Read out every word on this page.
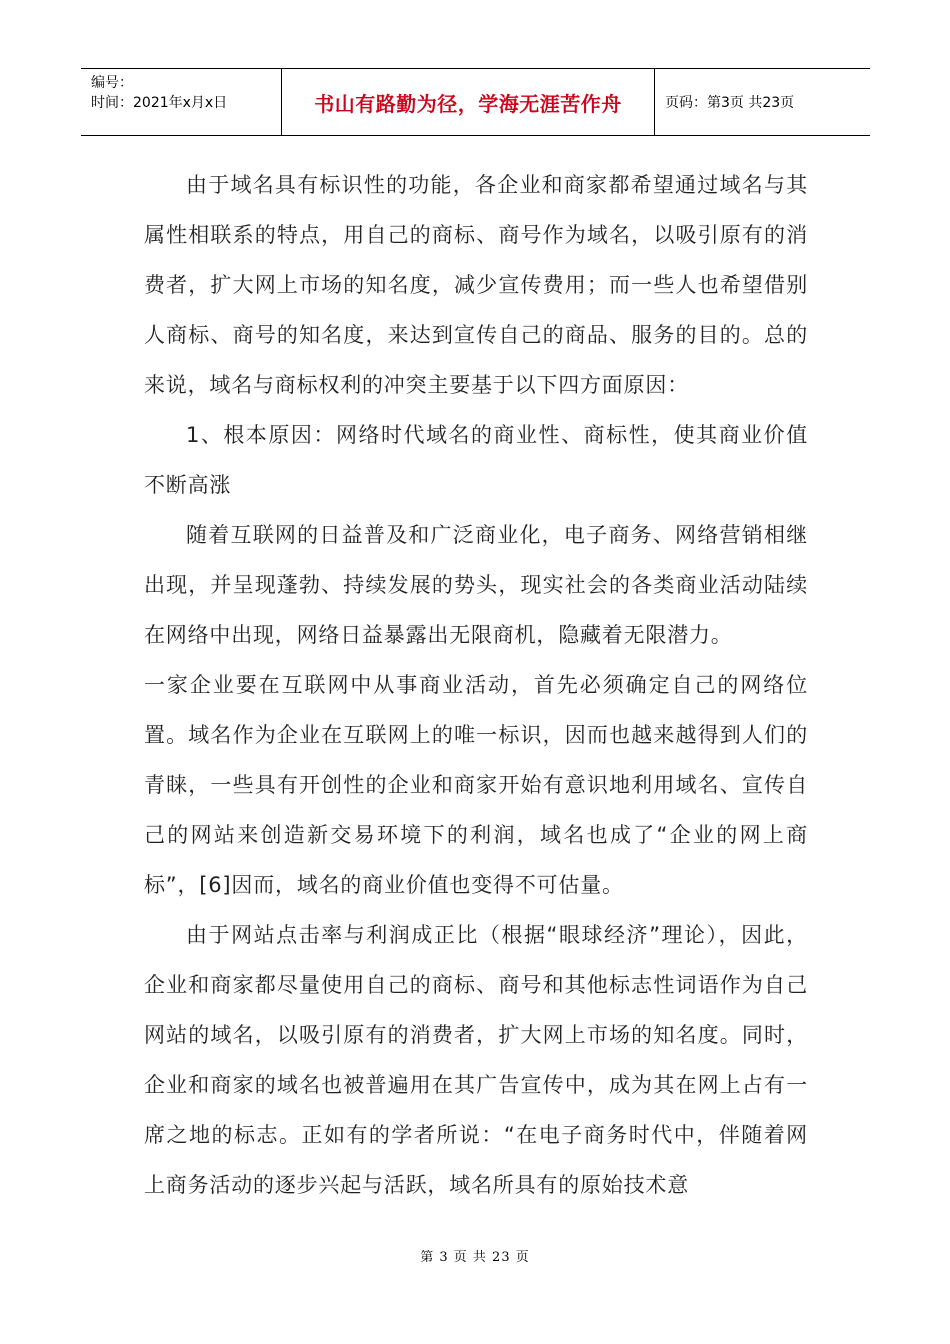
编号：
时间：2021年x月x日	书山有路勤为径，学海无涯苦作舟	页码：第3页 共23页

由于域名具有标识性的功能，各企业和商家都希望通过域名与其属性相联系的特点，用自己的商标、商号作为域名，以吸引原有的消费者，扩大网上市场的知名度，减少宣传费用；而一些人也希望借别人商标、商号的知名度，来达到宣传自己的商品、服务的目的。总的来说，域名与商标权利的冲突主要基于以下四方面原因：

1、根本原因：网络时代域名的商业性、商标性，使其商业价值不断高涨

随着互联网的日益普及和广泛商业化，电子商务、网络营销相继出现，并呈现蓬勃、持续发展的势头，现实社会的各类商业活动陆续在网络中出现，网络日益暴露出无限商机，隐藏着无限潜力。

一家企业要在互联网中从事商业活动，首先必须确定自己的网络位置。域名作为企业在互联网上的唯一标识，因而也越来越得到人们的青睐，一些具有开创性的企业和商家开始有意识地利用域名、宣传自己的网站来创造新交易环境下的利润，域名也成了“企业的网上商标”，[6]因而，域名的商业价值也变得不可估量。

由于网站点击率与利润成正比（根据“眼球经济”理论），因此，企业和商家都尽量使用自己的商标、商号和其他标志性词语作为自己网站的域名，以吸引原有的消费者，扩大网上市场的知名度。同时，企业和商家的域名也被普遍用在其广告宣传中，成为其在网上占有一席之地的标志。正如有的学者所说：“在电子商务时代中，伴随着网上商务活动的逐步兴起与活跃，域名所具有的原始技术意

第 3 页 共 23 页
